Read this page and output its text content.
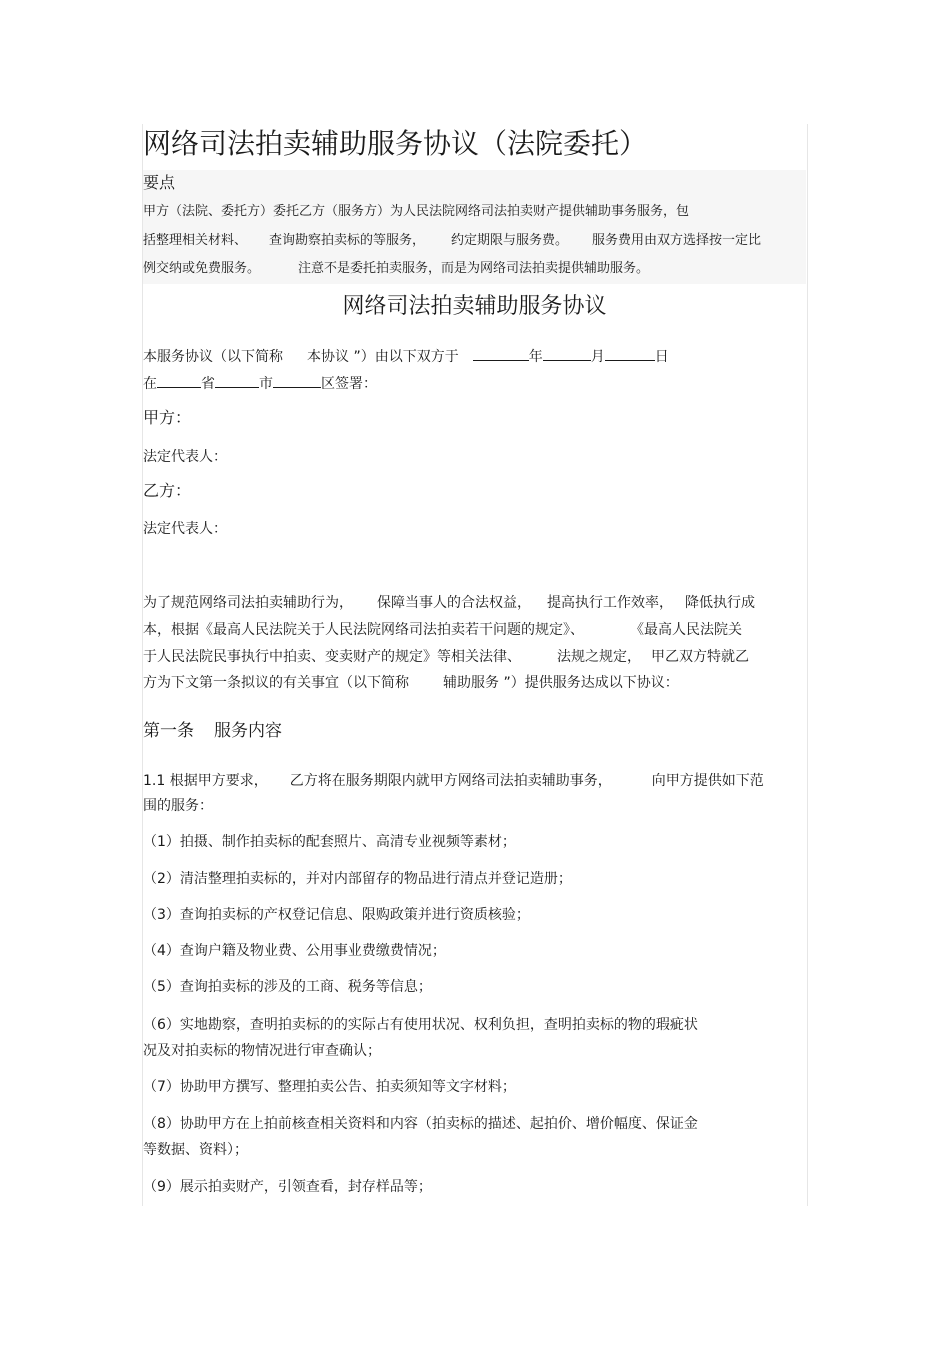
网络司法拍卖辅助服务协议（法院委托）
要点
甲方（法院、委托方）委托乙方（服务方）为人民法院网络司法拍卖财产提供辅助事务服务，包
括整理相关材料、 查询勘察拍卖标的等服务， 约定期限与服务费。 服务费用由双方选择按一定比
例交纳或免费服务。	注意不是委托拍卖服务，而是为网络司法拍卖提供辅助服务。
网络司法拍卖辅助服务协议
本服务协议（以下简称 本协议 ”）由以下双方于	年	月	日
在	省	市	区签署：
甲方：
法定代表人：
乙方：
法定代表人：
为了规范网络司法拍卖辅助行为， 保障当事人的合法权益， 提高执行工作效率， 降低执行成
本，根据《最高人民法院关于人民法院网络司法拍卖若干问题的规定》、	《最高人民法院关
于人民法院民事执行中拍卖、变卖财产的规定》等相关法律、	法规之规定， 甲乙双方特就乙
方为下文第一条拟议的有关事宜（以下简称 辅助服务 ”）提供服务达成以下协议：
第一条 服务内容
1.1 根据甲方要求， 乙方将在服务期限内就甲方网络司法拍卖辅助事务，	向甲方提供如下范
围的服务：
（1）拍摄、制作拍卖标的配套照片、高清专业视频等素材；
（2）清洁整理拍卖标的，并对内部留存的物品进行清点并登记造册；
（3）查询拍卖标的产权登记信息、限购政策并进行资质核验；
（4）查询户籍及物业费、公用事业费缴费情况；
（5）查询拍卖标的涉及的工商、税务等信息；
（6）实地勘察，查明拍卖标的的实际占有使用状况、权利负担，查明拍卖标的物的瑕疵状
况及对拍卖标的物情况进行审查确认；
（7）协助甲方撰写、整理拍卖公告、拍卖须知等文字材料；
（8）协助甲方在上拍前核查相关资料和内容（拍卖标的描述、起拍价、增价幅度、保证金
等数据、资料）；
（9）展示拍卖财产，引领查看，封存样品等；
